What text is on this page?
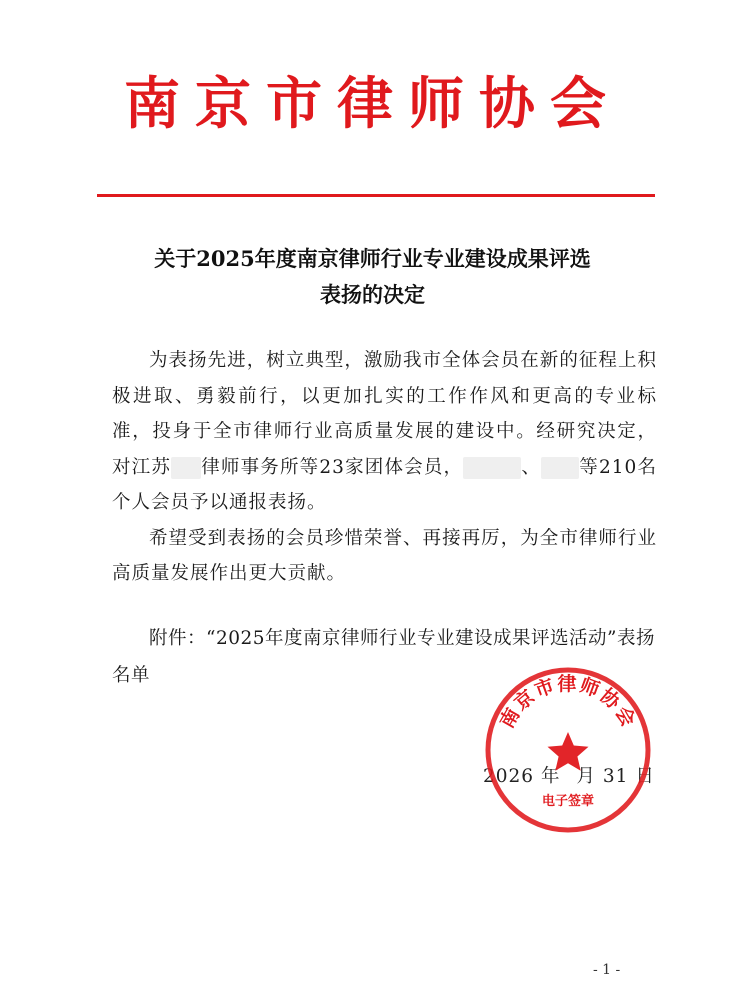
南京市律师协会
关于2025年度南京律师行业专业建设成果评选
表扬的决定

为表扬先进，树立典型，激励我市全体会员在新的征程上积极进取、勇毅前行，以更加扎实的工作作风和更高的专业标准，投身于全市律师行业高质量发展的建设中。经研究决定，对江苏 律师事务所等23家团体会员，	、 等210名个人会员予以通报表扬。

希望受到表扬的会员珍惜荣誉、再接再厉，为全市律师行业高质量发展作出更大贡献。

附件：“2025年度南京律师行业专业建设成果评选活动”表扬名单

2026 年 月 31 日
南京市律师协会
电子签章
- 1 -
